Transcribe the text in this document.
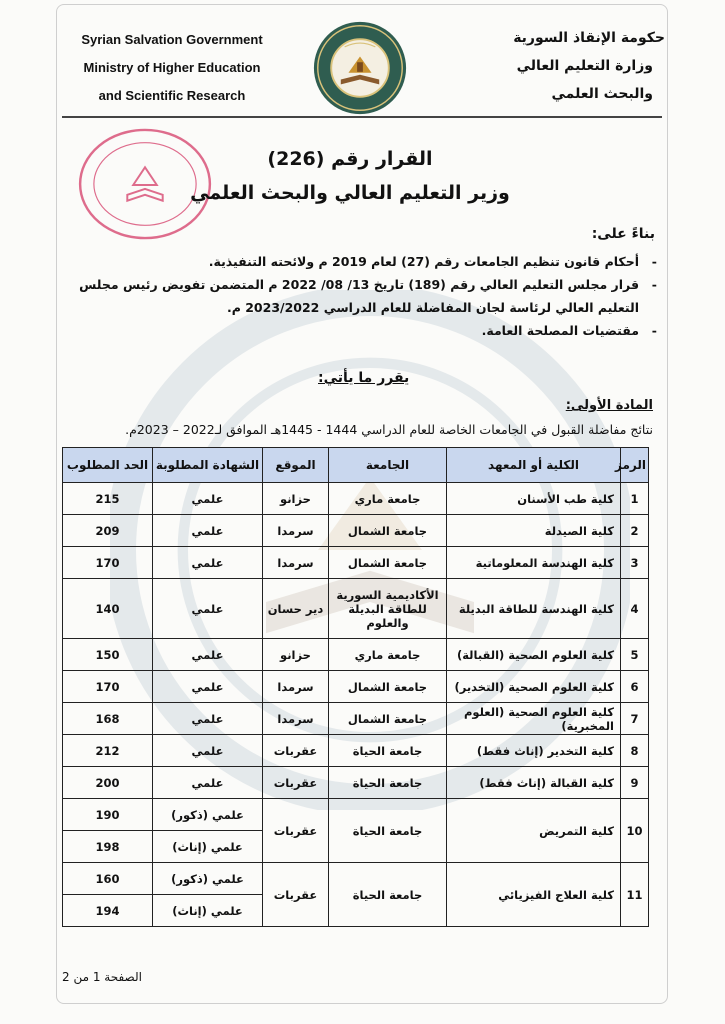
Syrian Salvation Government
Ministry of Higher Education
and Scientific Research
حكومة الإنقاذ السورية
وزارة التعليم العالي
والبحث العلمي
القرار رقم (226)
وزير التعليم العالي والبحث العلمي
بناءً على:
-
أحكام قانون تنظيم الجامعات رقم (27) لعام 2019 م ولائحته التنفيذية.
-
قرار مجلس التعليم العالي رقم (189) تاريخ 13/ 08/ 2022 م المتضمن تفويض رئيس مجلس التعليم العالي لرئاسة لجان المفاضلة للعام الدراسي 2023/2022 م.
-
مقتضيات المصلحة العامة.
يقرر ما يأتي:
المادة الأولى:
نتائج مفاضلة القبول في الجامعات الخاصة للعام الدراسي 1444 - 1445هـ الموافق لـ2022 – 2023م.
الرمز	الكلية أو المعهد	الجامعة	الموقع	الشهادة المطلوبة	الحد المطلوب
1	كلية طب الأسنان	جامعة ماري	حزانو	علمي	215
2	كلية الصيدلة	جامعة الشمال	سرمدا	علمي	209
3	كلية الهندسة المعلوماتية	جامعة الشمال	سرمدا	علمي	170
4	كلية الهندسة للطاقة البديلة	الأكاديمية السورية
للطاقة البديلة والعلوم	دير حسان	علمي	140
5	كلية العلوم الصحية (القبالة)	جامعة ماري	حزانو	علمي	150
6	كلية العلوم الصحية (التخدير)	جامعة الشمال	سرمدا	علمي	170
7	كلية العلوم الصحية (العلوم المخبرية)	جامعة الشمال	سرمدا	علمي	168
8	كلية التخدير (إناث فقط)	جامعة الحياة	عقربات	علمي	212
9	كلية القبالة (إناث فقط)	جامعة الحياة	عقربات	علمي	200
10	كلية التمريض	جامعة الحياة	عقربات	علمي (ذكور)	190
				علمي (إناث)	198
11	كلية العلاج الفيزيائي	جامعة الحياة	عقربات	علمي (ذكور)	160
				علمي (إناث)	194
الصفحة 1 من 2
